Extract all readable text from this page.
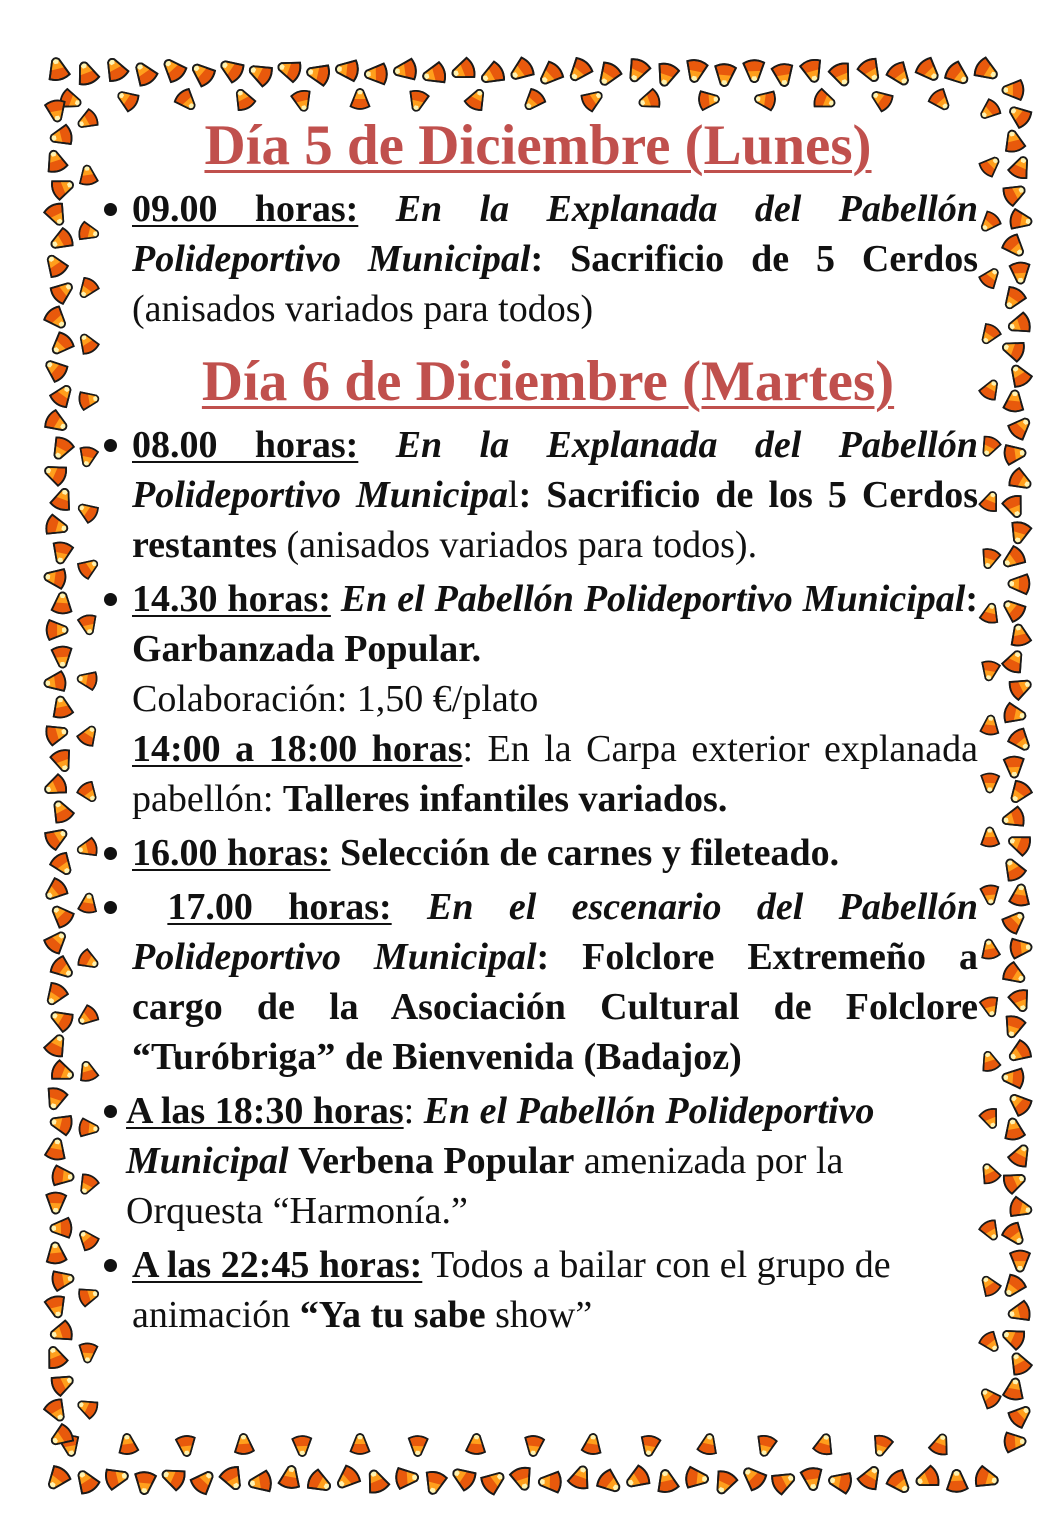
Día 5 de Diciembre (Lunes)

09.00 horas: En la Explanada del Pabellón Polideportivo Municipal: Sacrificio de 5 Cerdos (anisados variados para todos)

Día 6 de Diciembre (Martes)

08.00 horas: En la Explanada del Pabellón Polideportivo Municipal: Sacrificio de los 5 Cerdos restantes (anisados variados para todos).

14.30 horas: En el Pabellón Polideportivo Municipal: Garbanzada Popular.

Colaboración: 1,50 €/plato

14:00 a 18:00 horas: En la Carpa exterior explanada pabellón: Talleres infantiles variados.

16.00 horas: Selección de carnes y fileteado.

17.00 horas: En el escenario del Pabellón Polideportivo Municipal: Folclore Extremeño a cargo de la Asociación Cultural de Folclore “Turóbriga” de Bienvenida (Badajoz)

A las 18:30 horas: En el Pabellón Polideportivo Municipal Verbena Popular amenizada por la Orquesta “Harmonía.”

A las 22:45 horas: Todos a bailar con el grupo de animación “Ya tu sabe show”
